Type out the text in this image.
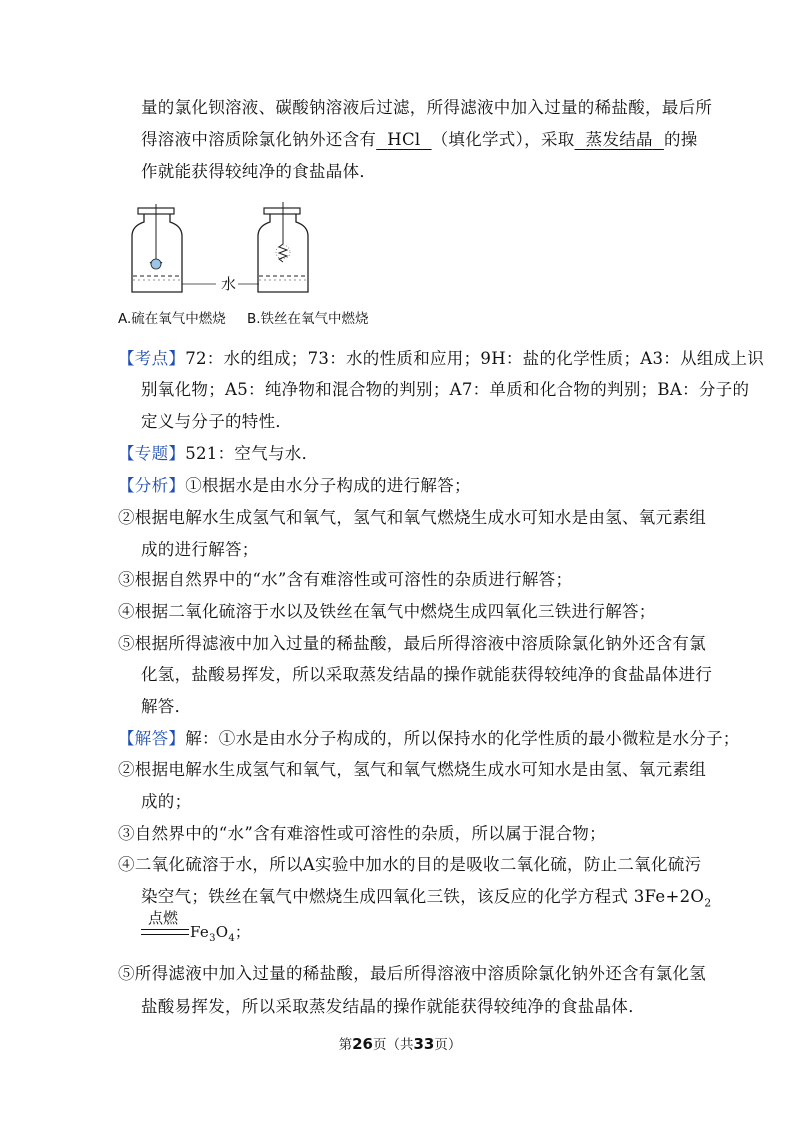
量的氯化钡溶液、碳酸钠溶液后过滤，所得滤液中加入过量的稀盐酸，最后所
得溶液中溶质除氯化钠外还含有 HCl （填化学式），采取 蒸发结晶 的操
作就能获得较纯净的食盐晶体．
水
A.硫在氧气中燃烧 B.铁丝在氧气中燃烧
【考点】72：水的组成；73：水的性质和应用；9H：盐的化学性质；A3：从组成上识
别氧化物；A5：纯净物和混合物的判别；A7：单质和化合物的判别；BA：分子的
定义与分子的特性．
【专题】521：空气与水．
【分析】①根据水是由水分子构成的进行解答；
②根据电解水生成氢气和氧气，氢气和氧气燃烧生成水可知水是由氢、氧元素组
成的进行解答；
③根据自然界中的“水”含有难溶性或可溶性的杂质进行解答；
④根据二氧化硫溶于水以及铁丝在氧气中燃烧生成四氧化三铁进行解答；
⑤根据所得滤液中加入过量的稀盐酸，最后所得溶液中溶质除氯化钠外还含有氯
化氢，盐酸易挥发，所以采取蒸发结晶的操作就能获得较纯净的食盐晶体进行
解答．
【解答】解：①水是由水分子构成的，所以保持水的化学性质的最小微粒是水分子；
②根据电解水生成氢气和氧气，氢气和氧气燃烧生成水可知水是由氢、氧元素组
成的；
③自然界中的“水”含有难溶性或可溶性的杂质，所以属于混合物；
④二氧化硫溶于水，所以A实验中加水的目的是吸收二氧化硫，防止二氧化硫污
染空气；铁丝在氧气中燃烧生成四氧化三铁，该反应的化学方程式 $3Fe+2O_2$
点燃
$Fe_3O_4$；
⑤所得滤液中加入过量的稀盐酸，最后所得溶液中溶质除氯化钠外还含有氯化氢
盐酸易挥发，所以采取蒸发结晶的操作就能获得较纯净的食盐晶体．
第26页（共33页）
